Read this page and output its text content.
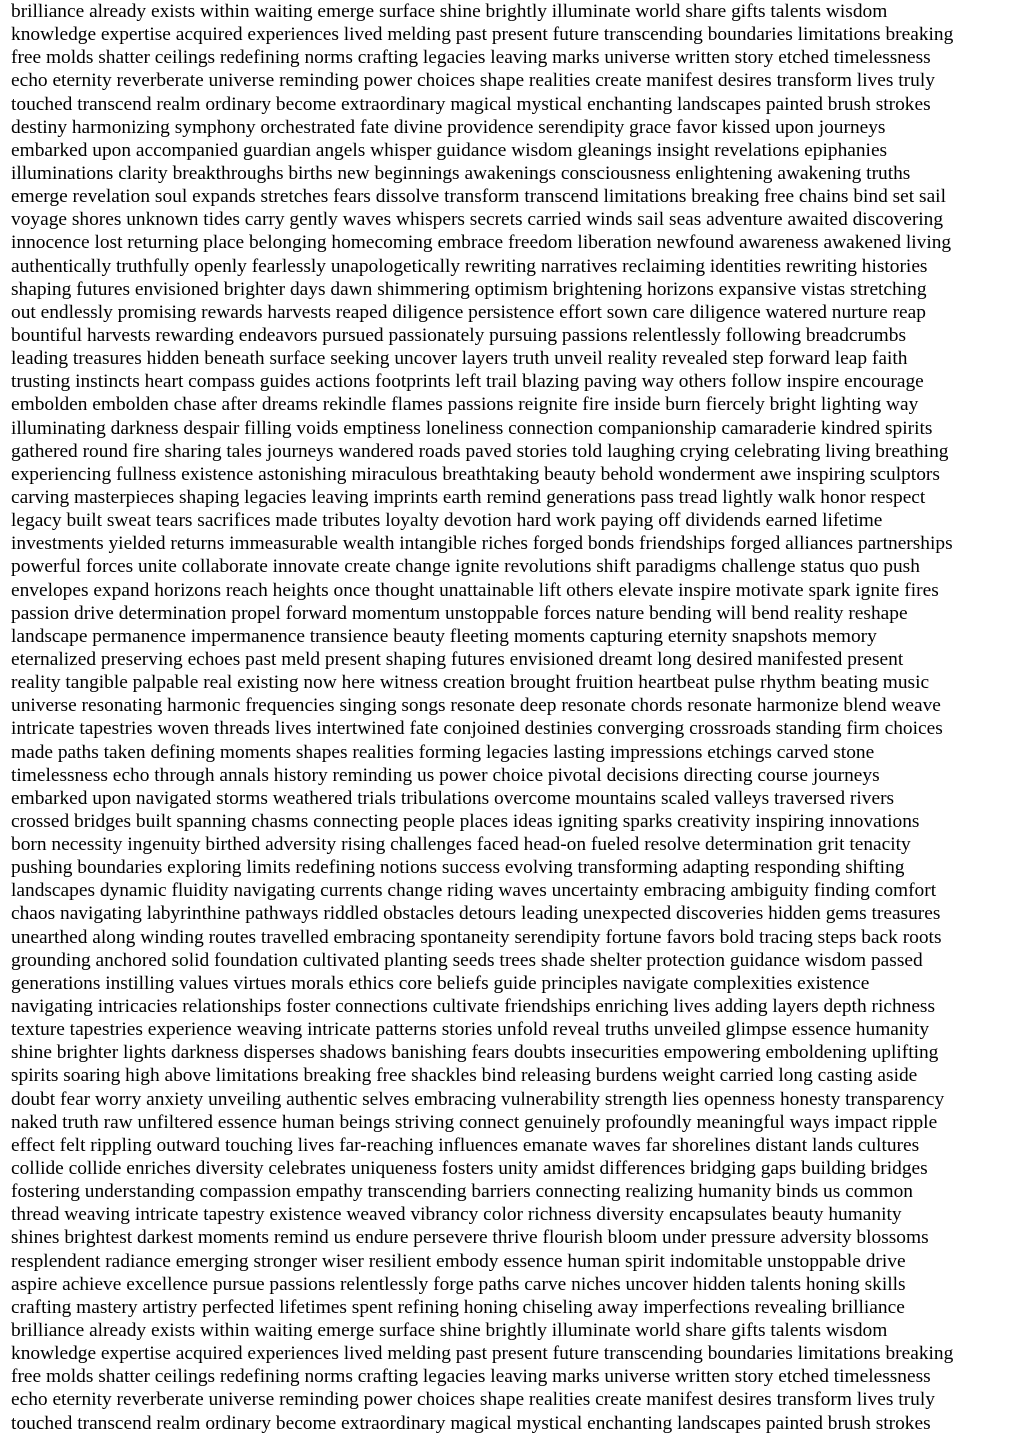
brilliance already exists within waiting emerge surface shine brightly illuminate world share gifts talents wisdom

knowledge expertise acquired experiences lived melding past present future transcending boundaries limitations breaking

free molds shatter ceilings redefining norms crafting legacies leaving marks universe written story etched timelessness

echo eternity reverberate universe reminding power choices shape realities create manifest desires transform lives truly

touched transcend realm ordinary become extraordinary magical mystical enchanting landscapes painted brush strokes

destiny harmonizing symphony orchestrated fate divine providence serendipity grace favor kissed upon journeys

embarked upon accompanied guardian angels whisper guidance wisdom gleanings insight revelations epiphanies

illuminations clarity breakthroughs births new beginnings awakenings consciousness enlightening awakening truths

emerge revelation soul expands stretches fears dissolve transform transcend limitations breaking free chains bind set sail

voyage shores unknown tides carry gently waves whispers secrets carried winds sail seas adventure awaited discovering

innocence lost returning place belonging homecoming embrace freedom liberation newfound awareness awakened living

authentically truthfully openly fearlessly unapologetically rewriting narratives reclaiming identities rewriting histories

shaping futures envisioned brighter days dawn shimmering optimism brightening horizons expansive vistas stretching

out endlessly promising rewards harvests reaped diligence persistence effort sown care diligence watered nurture reap

bountiful harvests rewarding endeavors pursued passionately pursuing passions relentlessly following breadcrumbs

leading treasures hidden beneath surface seeking uncover layers truth unveil reality revealed step forward leap faith

trusting instincts heart compass guides actions footprints left trail blazing paving way others follow inspire encourage

embolden embolden chase after dreams rekindle flames passions reignite fire inside burn fiercely bright lighting way

illuminating darkness despair filling voids emptiness loneliness connection companionship camaraderie kindred spirits

gathered round fire sharing tales journeys wandered roads paved stories told laughing crying celebrating living breathing

experiencing fullness existence astonishing miraculous breathtaking beauty behold wonderment awe inspiring sculptors

carving masterpieces shaping legacies leaving imprints earth remind generations pass tread lightly walk honor respect

legacy built sweat tears sacrifices made tributes loyalty devotion hard work paying off dividends earned lifetime

investments yielded returns immeasurable wealth intangible riches forged bonds friendships forged alliances partnerships

powerful forces unite collaborate innovate create change ignite revolutions shift paradigms challenge status quo push

envelopes expand horizons reach heights once thought unattainable lift others elevate inspire motivate spark ignite fires

passion drive determination propel forward momentum unstoppable forces nature bending will bend reality reshape

landscape permanence impermanence transience beauty fleeting moments capturing eternity snapshots memory

eternalized preserving echoes past meld present shaping futures envisioned dreamt long desired manifested present

reality tangible palpable real existing now here witness creation brought fruition heartbeat pulse rhythm beating music

universe resonating harmonic frequencies singing songs resonate deep resonate chords resonate harmonize blend weave

intricate tapestries woven threads lives intertwined fate conjoined destinies converging crossroads standing firm choices

made paths taken defining moments shapes realities forming legacies lasting impressions etchings carved stone

timelessness echo through annals history reminding us power choice pivotal decisions directing course journeys

embarked upon navigated storms weathered trials tribulations overcome mountains scaled valleys traversed rivers

crossed bridges built spanning chasms connecting people places ideas igniting sparks creativity inspiring innovations

born necessity ingenuity birthed adversity rising challenges faced head-on fueled resolve determination grit tenacity

pushing boundaries exploring limits redefining notions success evolving transforming adapting responding shifting

landscapes dynamic fluidity navigating currents change riding waves uncertainty embracing ambiguity finding comfort

chaos navigating labyrinthine pathways riddled obstacles detours leading unexpected discoveries hidden gems treasures

unearthed along winding routes travelled embracing spontaneity serendipity fortune favors bold tracing steps back roots

grounding anchored solid foundation cultivated planting seeds trees shade shelter protection guidance wisdom passed

generations instilling values virtues morals ethics core beliefs guide principles navigate complexities existence

navigating intricacies relationships foster connections cultivate friendships enriching lives adding layers depth richness

texture tapestries experience weaving intricate patterns stories unfold reveal truths unveiled glimpse essence humanity

shine brighter lights darkness disperses shadows banishing fears doubts insecurities empowering emboldening uplifting

spirits soaring high above limitations breaking free shackles bind releasing burdens weight carried long casting aside

doubt fear worry anxiety unveiling authentic selves embracing vulnerability strength lies openness honesty transparency

naked truth raw unfiltered essence human beings striving connect genuinely profoundly meaningful ways impact ripple

effect felt rippling outward touching lives far-reaching influences emanate waves far shorelines distant lands cultures

collide collide enriches diversity celebrates uniqueness fosters unity amidst differences bridging gaps building bridges

fostering understanding compassion empathy transcending barriers connecting realizing humanity binds us common

thread weaving intricate tapestry existence weaved vibrancy color richness diversity encapsulates beauty humanity

shines brightest darkest moments remind us endure persevere thrive flourish bloom under pressure adversity blossoms

resplendent radiance emerging stronger wiser resilient embody essence human spirit indomitable unstoppable drive

aspire achieve excellence pursue passions relentlessly forge paths carve niches uncover hidden talents honing skills

crafting mastery artistry perfected lifetimes spent refining honing chiseling away imperfections revealing brilliance

brilliance already exists within waiting emerge surface shine brightly illuminate world share gifts talents wisdom

knowledge expertise acquired experiences lived melding past present future transcending boundaries limitations breaking

free molds shatter ceilings redefining norms crafting legacies leaving marks universe written story etched timelessness

echo eternity reverberate universe reminding power choices shape realities create manifest desires transform lives truly

touched transcend realm ordinary become extraordinary magical mystical enchanting landscapes painted brush strokes
